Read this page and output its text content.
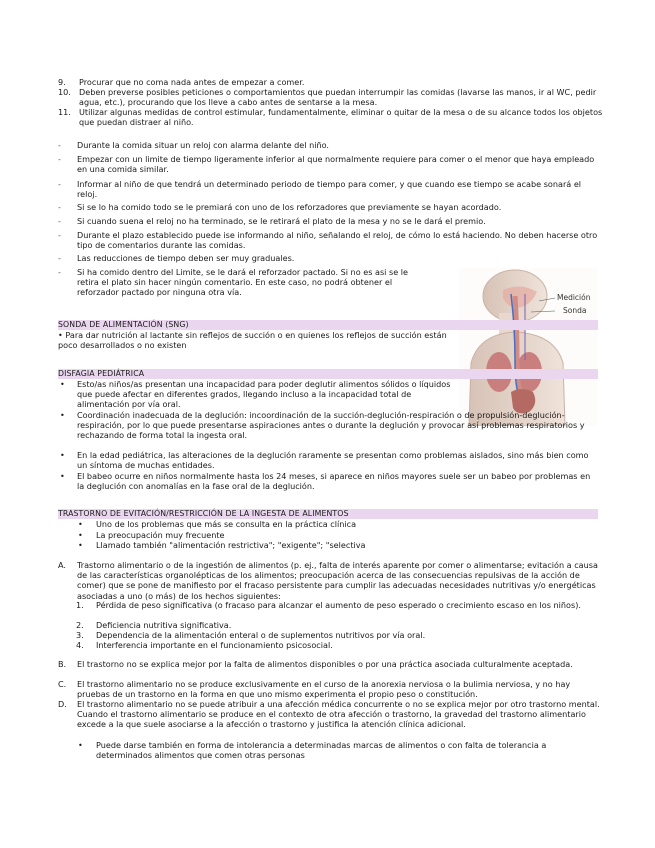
9.	Procurar que no coma nada antes de empezar a comer.
10.	Deben preverse posibles peticiones o comportamientos que puedan interrumpir las comidas (lavarse las manos, ir al WC, pedir agua, etc.), procurando que los lleve a cabo antes de sentarse a la mesa.
11.	Utilizar algunas medidas de control estimular, fundamentalmente, eliminar o quitar de la mesa o de su alcance todos los objetos que puedan distraer al niño.
- Durante la comida situar un reloj con alarma delante del niño.
- Empezar con un limite de tiempo ligeramente inferior al que normalmente requiere para comer o el menor que haya empleado en una comida similar.
- Informar al niño de que tendrá un determinado periodo de tiempo para comer, y que cuando ese tiempo se acabe sonará el reloj.
- Si se lo ha comido todo se le premiará con uno de los reforzadores que previamente se hayan acordado.
- Si cuando suena el reloj no ha terminado, se le retirará el plato de la mesa y no se le dará el premio.
- Durante el plazo establecido puede ise informando al niño, señalando el reloj, de cómo lo está haciendo. No deben hacerse otro tipo de comentarios durante las comidas.
- Las reducciones de tiempo deben ser muy graduales.
- Si ha comido dentro del Limite, se le dará el reforzador pactado. Si no es asi se le retira el plato sin hacer ningún comentario. En este caso, no podrá obtener el reforzador pactado por ninguna otra vía.
Medición
Sonda
SONDA DE ALIMENTACIÓN (SNG)
• Para dar nutrición al lactante sin reflejos de succión o en quienes los reflejos de succión están poco desarrollados o no existen
DISFAGIA PEDIÁTRICA
• Esto/as niños/as presentan una incapacidad para poder deglutir alimentos sólidos o líquidos que puede afectar en diferentes grados, llegando incluso a la incapacidad total de alimentación por vía oral.
• Coordinación inadecuada de la deglución: incoordinación de la succión-deglución-respiración o de propulsión-deglución-respiración, por lo que puede presentarse aspiraciones antes o durante la deglución y provocar así problemas respiratorios y rechazando de forma total la ingesta oral.
• En la edad pediátrica, las alteraciones de la deglución raramente se presentan como problemas aislados, sino más bien como un síntoma de muchas entidades.
• El babeo ocurre en niños normalmente hasta los 24 meses, si aparece en niños mayores suele ser un babeo por problemas en la deglución con anomalías en la fase oral de la deglución.
TRASTORNO DE EVITACIÓN/RESTRICCIÓN DE LA INGESTA DE ALIMENTOS
• Uno de los problemas que más se consulta en la práctica clínica
• La preocupación muy frecuente
• Llamado también "alimentación restrictiva"; "exigente"; "selectiva
A. Trastorno alimentario o de la ingestión de alimentos (p. ej., falta de interés aparente por comer o alimentarse; evitación a causa de las características organolépticas de los alimentos; preocupación acerca de las consecuencias repulsivas de la acción de comer) que se pone de manifiesto por el fracaso persistente para cumplir las adecuadas necesidades nutritivas y/o energéticas asociadas a uno (o más) de los hechos siguientes:
1. Pérdida de peso significativa (o fracaso para alcanzar el aumento de peso esperado o crecimiento escaso en los niños).
2. Deficiencia nutritiva significativa.
3. Dependencia de la alimentación enteral o de suplementos nutritivos por vía oral.
4. Interferencia importante en el funcionamiento psicosocial.
B. El trastorno no se explica mejor por la falta de alimentos disponibles o por una práctica asociada culturalmente aceptada.
C. El trastorno alimentario no se produce exclusivamente en el curso de la anorexia nerviosa o la bulimia nerviosa, y no hay pruebas de un trastorno en la forma en que uno mismo experimenta el propio peso o constitución.
D. El trastorno alimentario no se puede atribuir a una afección médica concurrente o no se explica mejor por otro trastorno mental. Cuando el trastorno alimentario se produce en el contexto de otra afección o trastorno, la gravedad del trastorno alimentario excede a la que suele asociarse a la afección o trastorno y justifica la atención clínica adicional.
• Puede darse también en forma de intolerancia a determinadas marcas de alimentos o con falta de tolerancia a determinados alimentos que comen otras personas
